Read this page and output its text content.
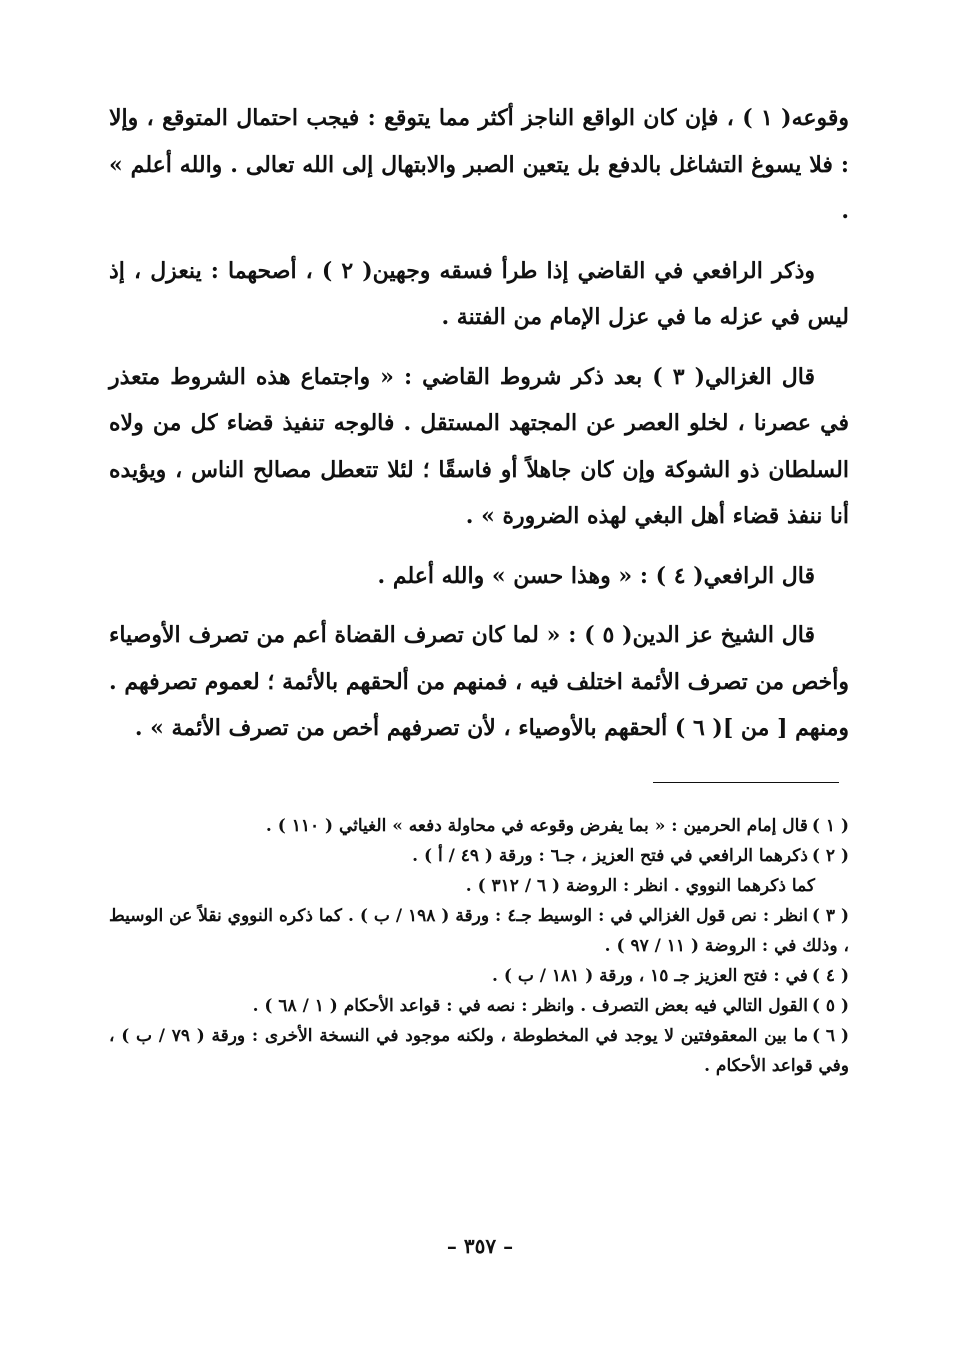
وقوعه( ١ ) ، فإن كان الواقع الناجز أكثر مما يتوقع : فيجب احتمال المتوقع ، وإلا : فلا يسوغ التشاغل بالدفع بل يتعين الصبر والابتهال إلى الله تعالى . والله أعلم » .

وذكر الرافعي في القاضي إذا طرأ فسقه وجهين( ٢ ) ، أصحهما : ينعزل ، إذ ليس في عزله ما في عزل الإمام من الفتنة .

قال الغزالي( ٣ ) بعد ذكر شروط القاضي : « واجتماع هذه الشروط متعذر في عصرنا ، لخلو العصر عن المجتهد المستقل . فالوجه تنفيذ قضاء كل من ولاه السلطان ذو الشوكة وإن كان جاهلاً أو فاسقًا ؛ لئلا تتعطل مصالح الناس ، ويؤيده أنا ننفذ قضاء أهل البغي لهذه الضرورة » .

قال الرافعي( ٤ ) : « وهذا حسن » والله أعلم .

قال الشيخ عز الدين( ٥ ) : « لما كان تصرف القضاة أعم من تصرف الأوصياء وأخص من تصرف الأئمة اختلف فيه ، فمنهم من ألحقهم بالأئمة ؛ لعموم تصرفهم . ومنهم [ من ]( ٦ ) ألحقهم بالأوصياء ، لأن تصرفهم أخص من تصرف الأئمة » .

( ١ )قال إمام الحرمين : « بما يفرض وقوعه في محاولة دفعه » الغياثي ( ١١٠ ) .

( ٢ )ذكرهما الرافعي في فتح العزيز ، جـ٦ : ورقة ( ٤٩ / أ ) .

كما ذكرهما النووي . انظر : الروضة ( ٦ / ٣١٢ ) .

( ٣ )انظر : نص قول الغزالي في : الوسيط جـ٤ : ورقة ( ١٩٨ / ب ) . كما ذكره النووي نقلاً عن الوسيط ، وذلك في : الروضة ( ١١ / ٩٧ ) .

( ٤ )في : فتح العزيز جـ ١٥ ، ورقة ( ١٨١ / ب ) .

( ٥ )القول التالي فيه بعض التصرف . وانظر : نصه في : قواعد الأحكام ( ١ / ٦٨ ) .

( ٦ )ما بين المعقوفتين لا يوجد في المخطوطة ، ولكنه موجود في النسخة الأخرى : ورقة ( ٧٩ / ب ) ، وفي قواعد الأحكام .

– ٣٥٧ –
